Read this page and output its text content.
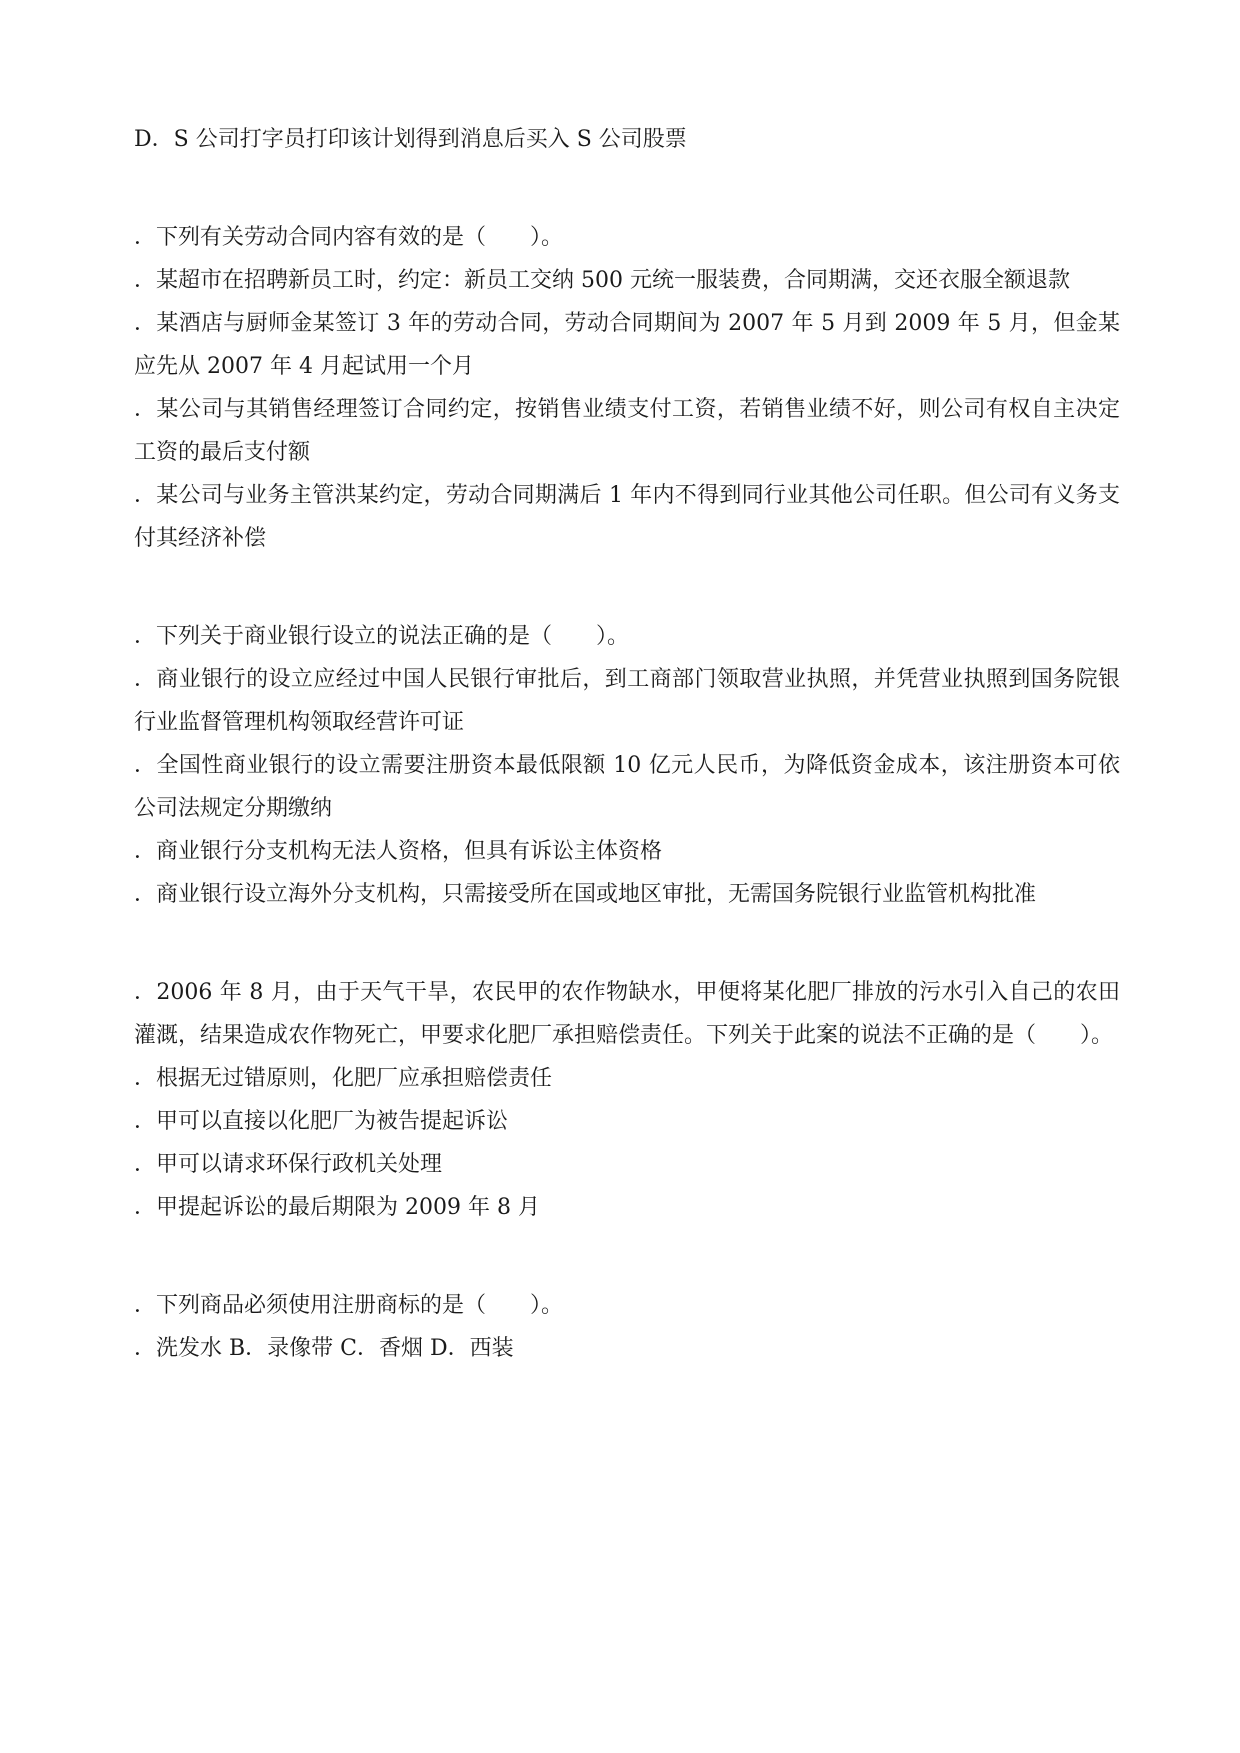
D．S 公司打字员打印该计划得到消息后买入 S 公司股票

．下列有关劳动合同内容有效的是（　　）。

．某超市在招聘新员工时，约定：新员工交纳 500 元统一服装费，合同期满，交还衣服全额退款

．某酒店与厨师金某签订 3 年的劳动合同，劳动合同期间为 2007 年 5 月到 2009 年 5 月，但金某应先从 2007 年 4 月起试用一个月

．某公司与其销售经理签订合同约定，按销售业绩支付工资，若销售业绩不好，则公司有权自主决定工资的最后支付额

．某公司与业务主管洪某约定，劳动合同期满后 1 年内不得到同行业其他公司任职。但公司有义务支付其经济补偿

．下列关于商业银行设立的说法正确的是（　　）。

．商业银行的设立应经过中国人民银行审批后，到工商部门领取营业执照，并凭营业执照到国务院银行业监督管理机构领取经营许可证

．全国性商业银行的设立需要注册资本最低限额 10 亿元人民币，为降低资金成本，该注册资本可依公司法规定分期缴纳

．商业银行分支机构无法人资格，但具有诉讼主体资格

．商业银行设立海外分支机构，只需接受所在国或地区审批，无需国务院银行业监管机构批准

．2006 年 8 月，由于天气干旱，农民甲的农作物缺水，甲便将某化肥厂排放的污水引入自己的农田灌溉，结果造成农作物死亡，甲要求化肥厂承担赔偿责任。下列关于此案的说法不正确的是（　　）。

．根据无过错原则，化肥厂应承担赔偿责任

．甲可以直接以化肥厂为被告提起诉讼

．甲可以请求环保行政机关处理

．甲提起诉讼的最后期限为 2009 年 8 月

．下列商品必须使用注册商标的是（　　）。

．洗发水 B．录像带 C．香烟 D．西装
